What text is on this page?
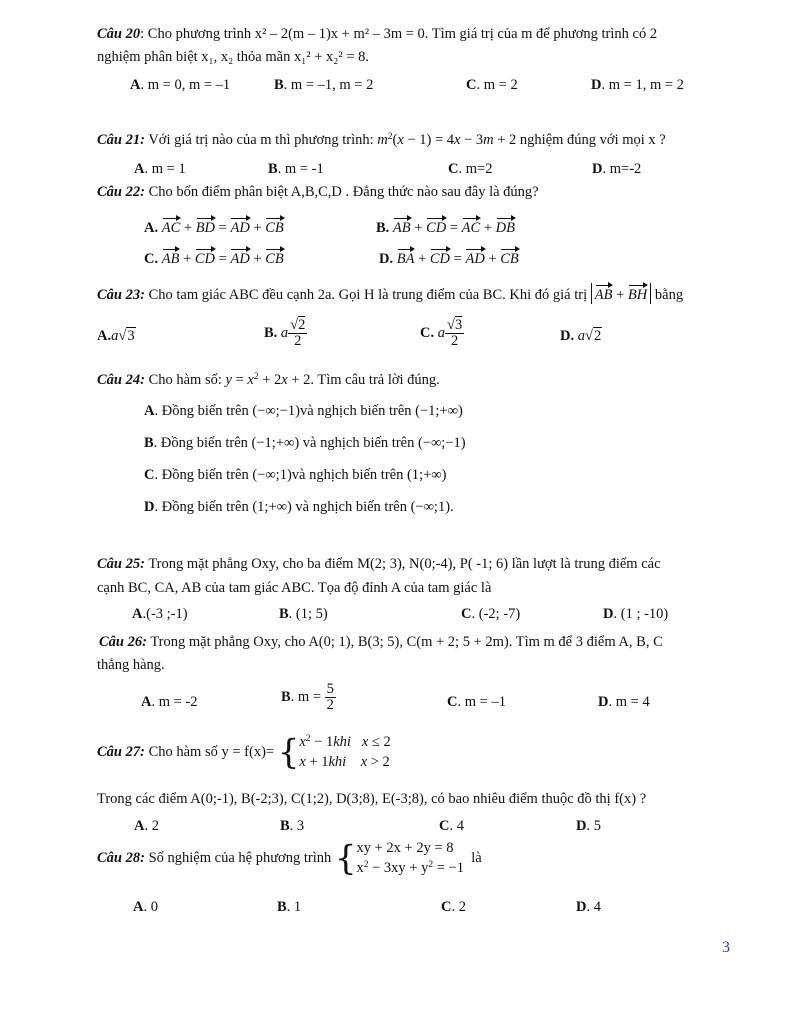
Câu 20: Cho phương trình x² – 2(m – 1)x + m² – 3m = 0. Tìm giá trị của m để phương trình có 2
nghiệm phân biệt x₁, x₂ thỏa mãn x₁² + x₂² = 8.
A. m = 0, m = –1	B. m = –1, m = 2	C. m = 2	D. m = 1, m = 2
Câu 21: Với giá trị nào của m thì phương trình: $m^2(x - 1) = 4x - 3m + 2$ nghiệm đúng với mọi x ?
A. m = 1	B. m = -1	C. m=2	D. m=-2
Câu 22: Cho bốn điểm phân biệt A,B,C,D . Đẳng thức nào sau đây là đúng?
A. AC + BD = AD + CB	B. AB + CD = AC + DB
C. AB + CD = AD + CB	D. BA + CD = AD + CB
Câu 23: Cho tam giác ABC đều cạnh 2a. Gọi H là trung điểm của BC. Khi đó giá trị AB + BH bằng
A.a√3	B. a $\frac{√2}{2}$	C. a $\frac{√3}{2}$	D. a√2
Câu 24: Cho hàm số: $y = x^2 + 2x + 2$. Tìm câu trả lời đúng.
A. Đồng biến trên (−∞;−1)và nghịch biến trên (−1;+∞)
B. Đồng biến trên (−1;+∞) và nghịch biến trên (−∞;−1)
C. Đồng biến trên (−∞;1)và nghịch biến trên (1;+∞)
D. Đồng biến trên (1;+∞) và nghịch biến trên (−∞;1).
Câu 25: Trong mặt phẳng Oxy, cho ba điểm M(2; 3), N(0;-4), P( -1; 6) lần lượt là trung điểm các
cạnh BC, CA, AB của tam giác ABC. Tọa độ đỉnh A của tam giác là
A.(-3 ;-1)	B. (1; 5)	C. (-2; -7)	D. (1 ; -10)
Câu 26: Trong mặt phẳng Oxy, cho A(0; 1), B(3; 5), C(m + 2; 5 + 2m). Tìm m để 3 điểm A, B, C
thẳng hàng.
A. m = -2	B. $m = \frac{5}{2}$	C. m = –1	D. m = 4
Câu 27: Cho hàm số y = f(x)= { $x^2 - 1khi$ x ≤ 2
x + 1khi x > 2
Trong các điểm A(0;-1), B(-2;3), C(1;2), D(3;8), E(-3;8), có bao nhiêu điểm thuộc đồ thị f(x) ?
A. 2	B. 3	C. 4	D. 5
Câu 28: Số nghiệm của hệ phương trình { xy + 2x + 2y = 8
$x^2 - 3xy + y^2 = -1$
là
A. 0	B. 1	C. 2	D. 4
3
